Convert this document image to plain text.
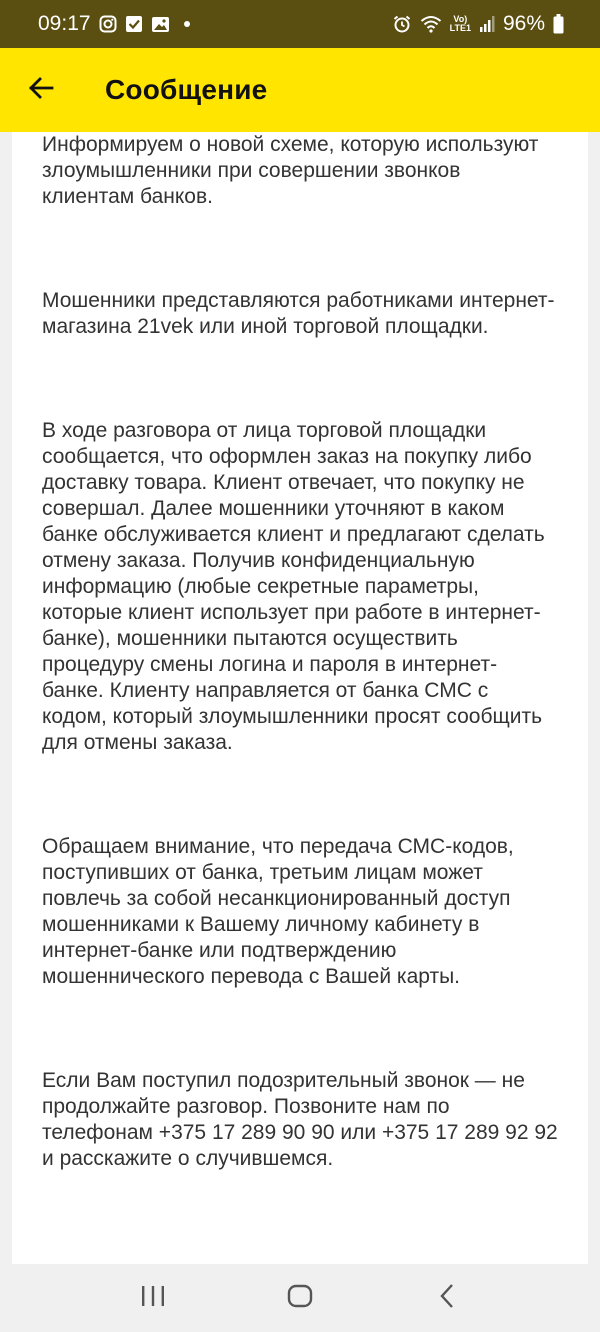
09:17	Vo)
LTE1 96%
Сообщение

Информируем о новой схеме, которую используют злоумышленники при совершении звонков клиентам банков.

Мошенники представляются работниками интернет-магазина 21vek или иной торговой площадки.

В ходе разговора от лица торговой площадки сообщается, что оформлен заказ на покупку либо доставку товара. Клиент отвечает, что покупку не совершал. Далее мошенники уточняют в каком банке обслуживается клиент и предлагают сделать отмену заказа. Получив конфиденциальную информацию (любые секретные параметры, которые клиент использует при работе в интернет-банке), мошенники пытаются осуществить процедуру смены логина и пароля в интернет-банке. Клиенту направляется от банка СМС с кодом, который злоумышленники просят сообщить для отмены заказа.

Обращаем внимание, что передача СМС-кодов, поступивших от банка, третьим лицам может повлечь за собой несанкционированный доступ мошенниками к Вашему личному кабинету в интернет-банке или подтверждению мошеннического перевода с Вашей карты.

Если Вам поступил подозрительный звонок — не продолжайте разговор. Позвоните нам по телефонам +375 17 289 90 90 или +375 17 289 92 92 и расскажите о случившемся.
